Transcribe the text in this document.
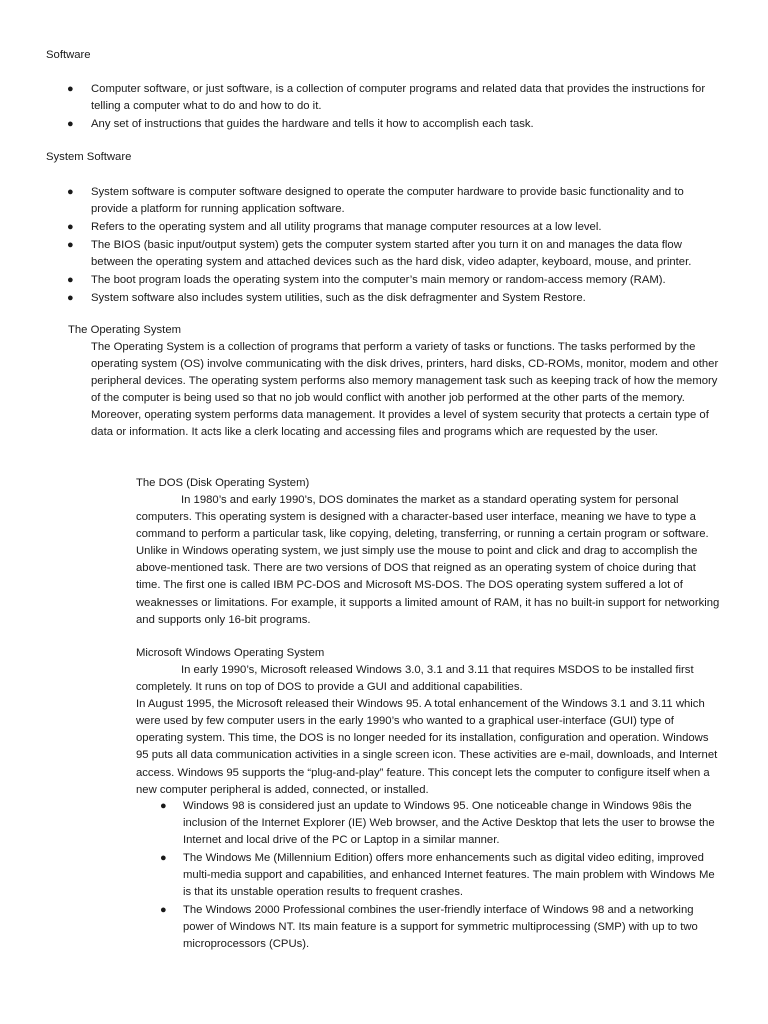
Software
● Computer software, or just software, is a collection of computer programs and related data that provides the instructions for telling a computer what to do and how to do it.
● Any set of instructions that guides the hardware and tells it how to accomplish each task.
System Software
● System software is computer software designed to operate the computer hardware to provide basic functionality and to provide a platform for running application software.
● Refers to the operating system and all utility programs that manage computer resources at a low level.
● The BIOS (basic input/output system) gets the computer system started after you turn it on and manages the data flow between the operating system and attached devices such as the hard disk, video adapter, keyboard, mouse, and printer.
● The boot program loads the operating system into the computer’s main memory or random-access memory (RAM).
● System software also includes system utilities, such as the disk defragmenter and System Restore.
The Operating System

The Operating System is a collection of programs that perform a variety of tasks or functions. The tasks performed by the operating system (OS) involve communicating with the disk drives, printers, hard disks, CD-ROMs, monitor, modem and other peripheral devices. The operating system performs also memory management task such as keeping track of how the memory of the computer is being used so that no job would conflict with another job performed at the other parts of the memory. Moreover, operating system performs data management. It provides a level of system security that protects a certain type of data or information. It acts like a clerk locating and accessing files and programs which are requested by the user.

The DOS (Disk Operating System)

In 1980’s and early 1990’s, DOS dominates the market as a standard operating system for personal computers. This operating system is designed with a character-based user interface, meaning we have to type a command to perform a particular task, like copying, deleting, transferring, or running a certain program or software. Unlike in Windows operating system, we just simply use the mouse to point and click and drag to accomplish the above-mentioned task. There are two versions of DOS that reigned as an operating system of choice during that time. The first one is called IBM PC-DOS and Microsoft MS-DOS. The DOS operating system suffered a lot of weaknesses or limitations. For example, it supports a limited amount of RAM, it has no built-in support for networking and supports only 16-bit programs.

Microsoft Windows Operating System

In early 1990’s, Microsoft released Windows 3.0, 3.1 and 3.11 that requires MSDOS to be installed first completely. It runs on top of DOS to provide a GUI and additional capabilities.

In August 1995, the Microsoft released their Windows 95. A total enhancement of the Windows 3.1 and 3.11 which were used by few computer users in the early 1990’s who wanted to a graphical user-interface (GUI) type of operating system. This time, the DOS is no longer needed for its installation, configuration and operation. Windows 95 puts all data communication activities in a single screen icon. These activities are e-mail, downloads, and Internet access. Windows 95 supports the “plug-and-play” feature. This concept lets the computer to configure itself when a new computer peripheral is added, connected, or installed.

● Windows 98 is considered just an update to Windows 95. One noticeable change in Windows 98is the inclusion of the Internet Explorer (IE) Web browser, and the Active Desktop that lets the user to browse the Internet and local drive of the PC or Laptop in a similar manner.
● The Windows Me (Millennium Edition) offers more enhancements such as digital video editing, improved multi-media support and capabilities, and enhanced Internet features. The main problem with Windows Me is that its unstable operation results to frequent crashes.
● The Windows 2000 Professional combines the user-friendly interface of Windows 98 and a networking power of Windows NT. Its main feature is a support for symmetric multiprocessing (SMP) with up to two microprocessors (CPUs).
